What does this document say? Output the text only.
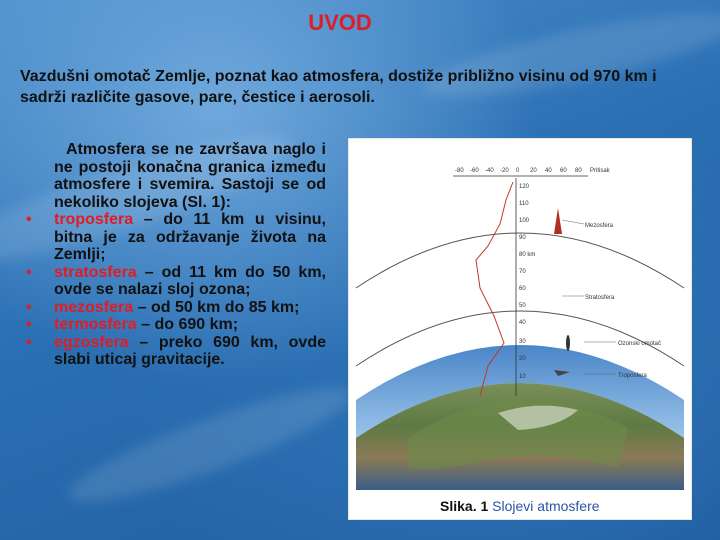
UVOD
Vazdušni omotač Zemlje, poznat kao atmosfera, dostiže približno visinu od 970 km i sadrži različite gasove, pare, čestice i aerosoli.

Atmosfera se ne završava naglo i ne postoji konačna granica između atmosfere i svemira. Sastoji se od nekoliko slojeva (Sl. 1):

• troposfera – do 11 km u visinu, bitna je za održavanje života na Zemlji;
• stratosfera – od 11 km do 50 km, ovde se nalazi sloj ozona;
• mezosfera – od 50 km do 85 km;
• termosfera – do 690 km;
• egzosfera – preko 690 km, ovde slabi uticaj gravitacije.
-80 -60 -40 -20 0 20 40 60 80 Pritisak
120
110
100
90
80 km
70
60
50
40
30
20
10
Mezosfera
Stratosfera
Ozonski omotač
Troposfera
Slika. 1 Slojevi atmosfere
